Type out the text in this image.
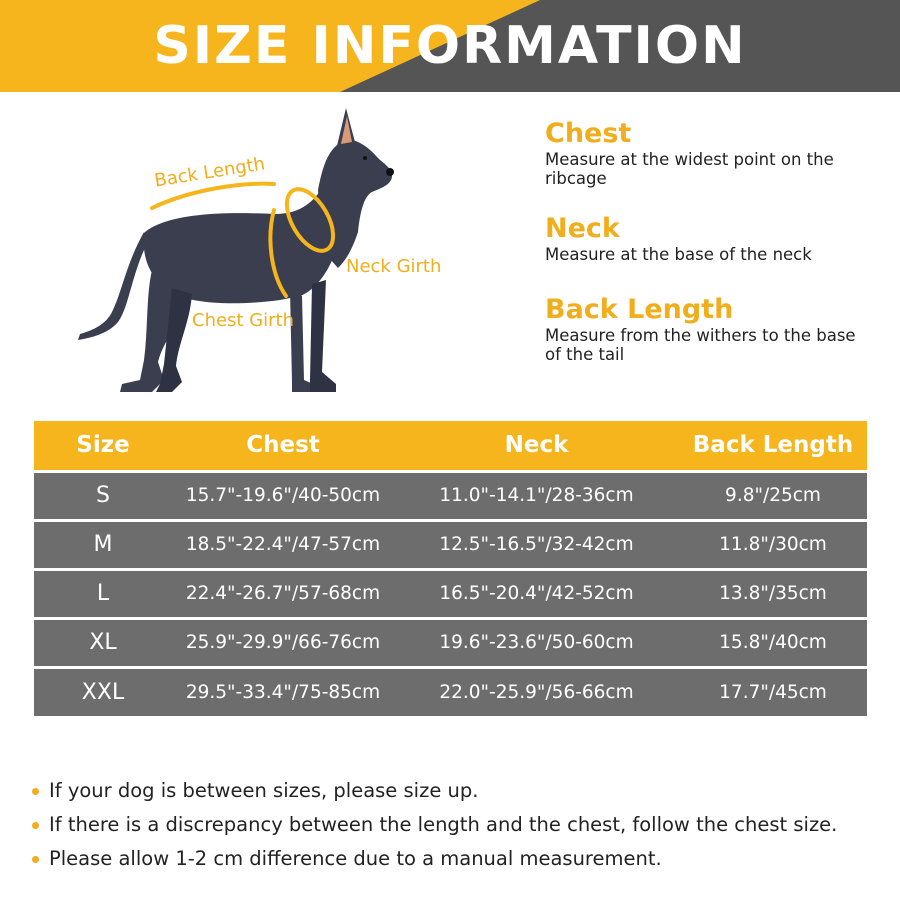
SIZE INFORMATION
Back Length
Neck Girth
Chest Girth
Chest
Measure at the widest point on the ribcage
Neck
Measure at the base of the neck
Back Length
Measure from the withers to the base of the tail
Size	Chest	Neck	Back Length
S	15.7"-19.6"/40-50cm	11.0"-14.1"/28-36cm	9.8"/25cm
M	18.5"-22.4"/47-57cm	12.5"-16.5"/32-42cm	11.8"/30cm
L	22.4"-26.7"/57-68cm	16.5"-20.4"/42-52cm	13.8"/35cm
XL	25.9"-29.9"/66-76cm	19.6"-23.6"/50-60cm	15.8"/40cm
XXL	29.5"-33.4"/75-85cm	22.0"-25.9"/56-66cm	17.7"/45cm
If your dog is between sizes, please size up.
If there is a discrepancy between the length and the chest, follow the chest size.
Please allow 1-2 cm difference due to a manual measurement.
